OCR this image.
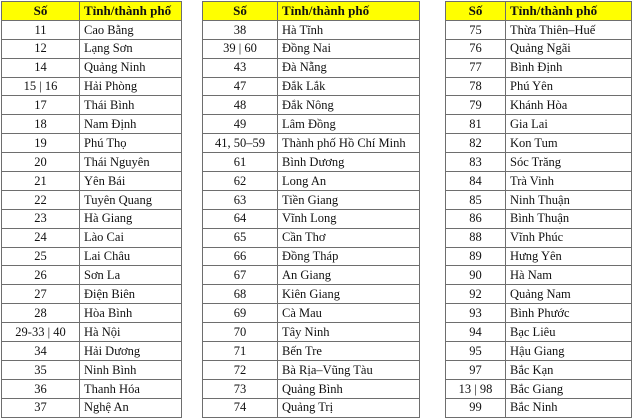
Số	Tỉnh/thành phố
11	Cao Bằng
12	Lạng Sơn
14	Quảng Ninh
15 | 16	Hải Phòng
17	Thái Bình
18	Nam Định
19	Phú Thọ
20	Thái Nguyên
21	Yên Bái
22	Tuyên Quang
23	Hà Giang
24	Lào Cai
25	Lai Châu
26	Sơn La
27	Điện Biên
28	Hòa Bình
29-33 | 40	Hà Nội
34	Hải Dương
35	Ninh Bình
36	Thanh Hóa
37	Nghệ An
Số	Tỉnh/thành phố
38	Hà Tĩnh
39 | 60	Đồng Nai
43	Đà Nẵng
47	Đắk Lắk
48	Đắk Nông
49	Lâm Đồng
41, 50–59	Thành phố Hồ Chí Minh
61	Bình Dương
62	Long An
63	Tiền Giang
64	Vĩnh Long
65	Cần Thơ
66	Đồng Tháp
67	An Giang
68	Kiên Giang
69	Cà Mau
70	Tây Ninh
71	Bến Tre
72	Bà Rịa–Vũng Tàu
73	Quảng Bình
74	Quảng Trị
Số	Tỉnh/thành phố
75	Thừa Thiên–Huế
76	Quảng Ngãi
77	Bình Định
78	Phú Yên
79	Khánh Hòa
81	Gia Lai
82	Kon Tum
83	Sóc Trăng
84	Trà Vinh
85	Ninh Thuận
86	Bình Thuận
88	Vĩnh Phúc
89	Hưng Yên
90	Hà Nam
92	Quảng Nam
93	Bình Phước
94	Bạc Liêu
95	Hậu Giang
97	Bắc Kạn
13 | 98	Bắc Giang
99	Bắc Ninh
